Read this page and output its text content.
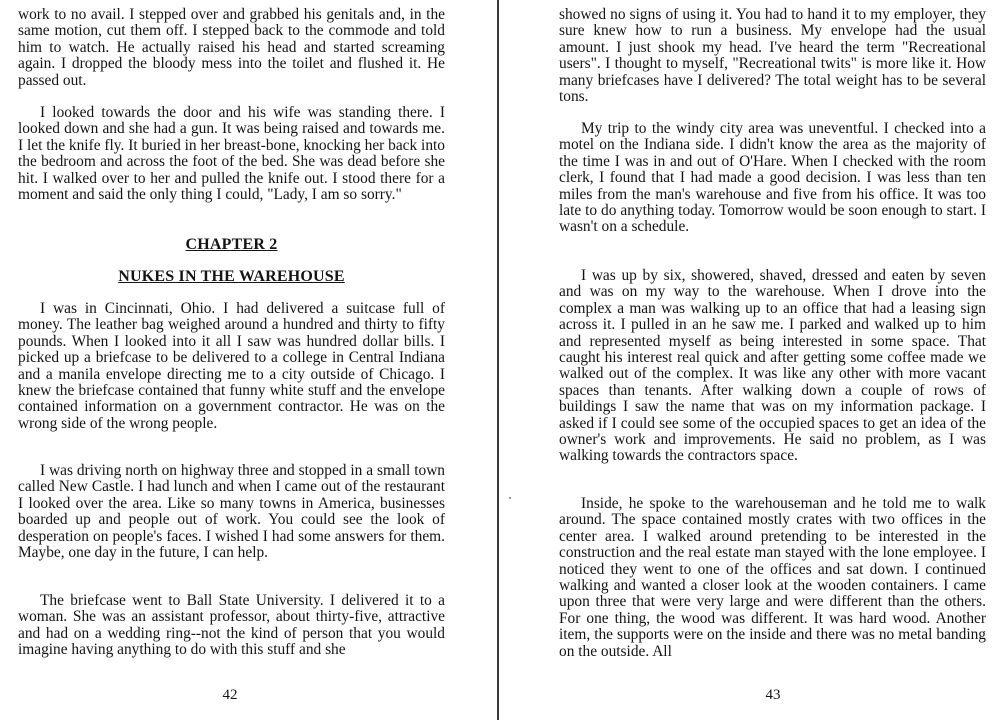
work to no avail. I stepped over and grabbed his genitals and, in the same motion, cut them off. I stepped back to the commode and told him to watch. He actually raised his head and started screaming again. I dropped the bloody mess into the toilet and flushed it. He passed out.

I looked towards the door and his wife was standing there. I looked down and she had a gun. It was being raised and towards me. I let the knife fly. It buried in her breast-bone, knocking her back into the bedroom and across the foot of the bed. She was dead before she hit. I walked over to her and pulled the knife out. I stood there for a moment and said the only thing I could, "Lady, I am so sorry."

CHAPTER 2

NUKES IN THE WAREHOUSE

I was in Cincinnati, Ohio. I had delivered a suitcase full of money. The leather bag weighed around a hundred and thirty to fifty pounds. When I looked into it all I saw was hundred dollar bills. I picked up a briefcase to be delivered to a college in Central Indiana and a manila envelope directing me to a city outside of Chicago. I knew the briefcase contained that funny white stuff and the envelope contained information on a government contractor. He was on the wrong side of the wrong people.

I was driving north on highway three and stopped in a small town called New Castle. I had lunch and when I came out of the restaurant I looked over the area. Like so many towns in America, businesses boarded up and people out of work. You could see the look of desperation on people's faces. I wished I had some answers for them. Maybe, one day in the future, I can help.

The briefcase went to Ball State University. I delivered it to a woman. She was an assistant professor, about thirty-five, attractive and had on a wedding ring--not the kind of person that you would imagine having anything to do with this stuff and she

42

showed no signs of using it. You had to hand it to my employer, they sure knew how to run a business. My envelope had the usual amount. I just shook my head. I've heard the term "Recreational users". I thought to myself, "Recreational twits" is more like it. How many briefcases have I delivered? The total weight has to be several tons.

My trip to the windy city area was uneventful. I checked into a motel on the Indiana side. I didn't know the area as the majority of the time I was in and out of O'Hare. When I checked with the room clerk, I found that I had made a good decision. I was less than ten miles from the man's warehouse and five from his office. It was too late to do anything today. Tomorrow would be soon enough to start. I wasn't on a schedule.

I was up by six, showered, shaved, dressed and eaten by seven and was on my way to the warehouse. When I drove into the complex a man was walking up to an office that had a leasing sign across it. I pulled in an he saw me. I parked and walked up to him and represented myself as being interested in some space. That caught his interest real quick and after getting some coffee made we walked out of the complex. It was like any other with more vacant spaces than tenants. After walking down a couple of rows of buildings I saw the name that was on my information package. I asked if I could see some of the occupied spaces to get an idea of the owner's work and improvements. He said no problem, as I was walking towards the contractors space.

Inside, he spoke to the warehouseman and he told me to walk around. The space contained mostly crates with two offices in the center area. I walked around pretending to be interested in the construction and the real estate man stayed with the lone employee. I noticed they went to one of the offices and sat down. I continued walking and wanted a closer look at the wooden containers. I came upon three that were very large and were different than the others. For one thing, the wood was different. It was hard wood. Another item, the supports were on the inside and there was no metal banding on the outside. All

43
